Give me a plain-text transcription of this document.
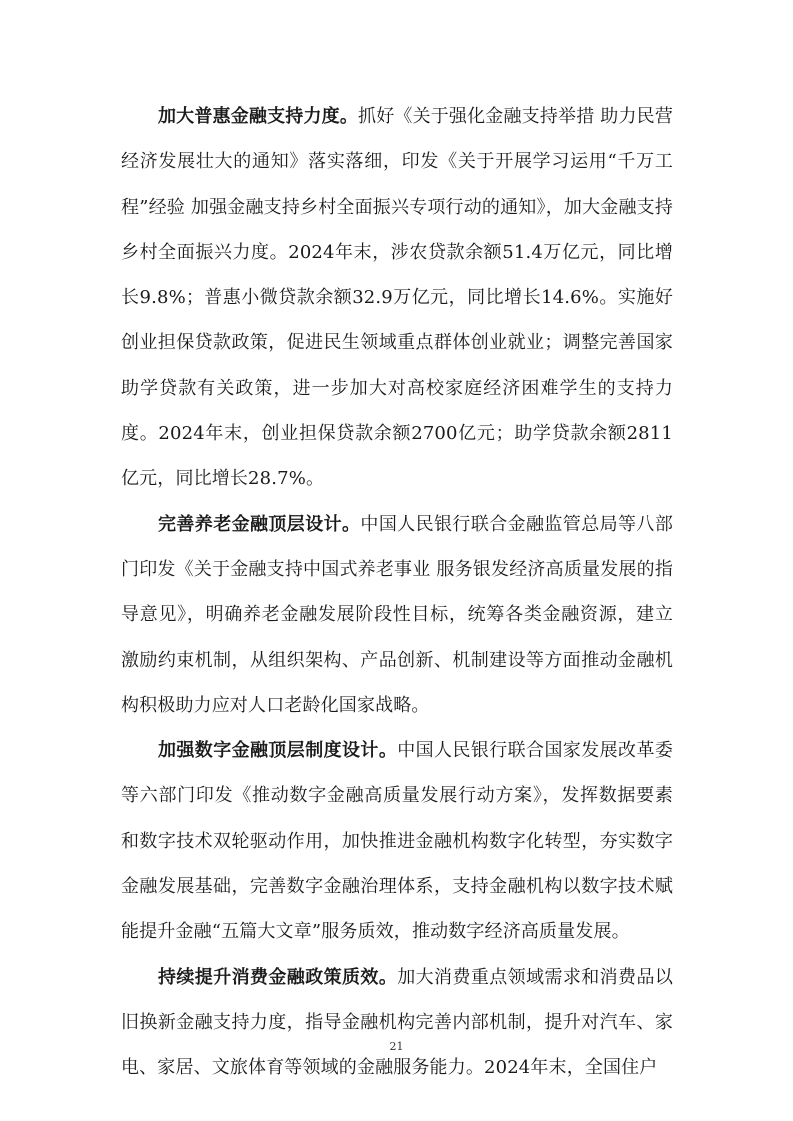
加大普惠金融支持力度。抓好《关于强化金融支持举措 助力民营经济发展壮大的通知》落实落细，印发《关于开展学习运用“千万工程”经验 加强金融支持乡村全面振兴专项行动的通知》，加大金融支持乡村全面振兴力度。2024年末，涉农贷款余额51.4万亿元，同比增长9.8%；普惠小微贷款余额32.9万亿元，同比增长14.6%。实施好创业担保贷款政策，促进民生领域重点群体创业就业；调整完善国家助学贷款有关政策，进一步加大对高校家庭经济困难学生的支持力度。2024年末，创业担保贷款余额2700亿元；助学贷款余额2811亿元，同比增长28.7%。

完善养老金融顶层设计。中国人民银行联合金融监管总局等八部门印发《关于金融支持中国式养老事业 服务银发经济高质量发展的指导意见》，明确养老金融发展阶段性目标，统筹各类金融资源，建立激励约束机制，从组织架构、产品创新、机制建设等方面推动金融机构积极助力应对人口老龄化国家战略。

加强数字金融顶层制度设计。中国人民银行联合国家发展改革委等六部门印发《推动数字金融高质量发展行动方案》，发挥数据要素和数字技术双轮驱动作用，加快推进金融机构数字化转型，夯实数字金融发展基础，完善数字金融治理体系，支持金融机构以数字技术赋能提升金融“五篇大文章”服务质效，推动数字经济高质量发展。

持续提升消费金融政策质效。加大消费重点领域需求和消费品以旧换新金融支持力度，指导金融机构完善内部机制，提升对汽车、家电、家居、文旅体育等领域的金融服务能力。2024年末，全国住户

21
